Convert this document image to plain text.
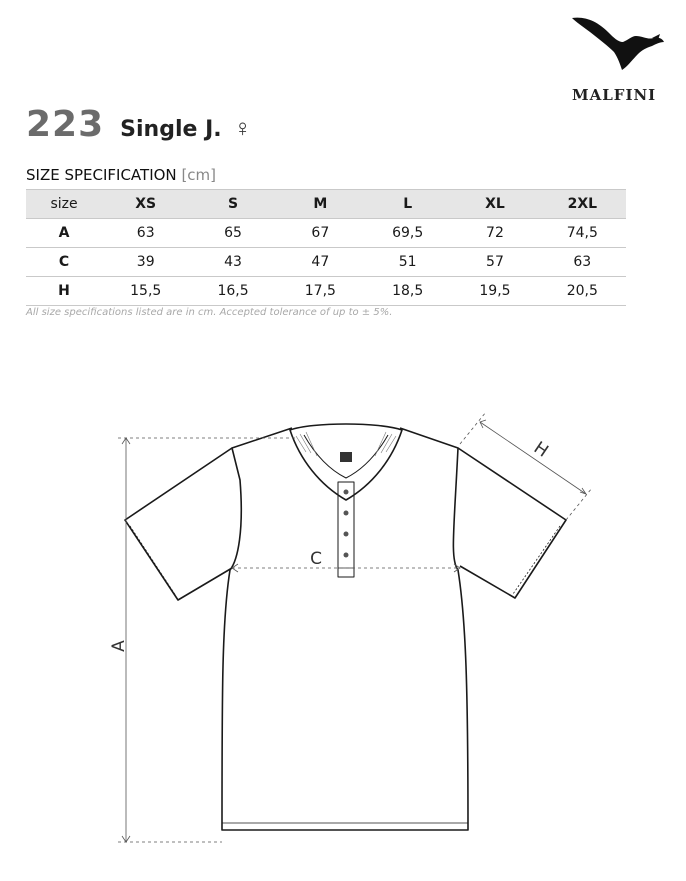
MALFINI
223 Single J. ♀
SIZE SPECIFICATION [cm]
size	XS	S	M	L	XL	2XL
A	63	65	67	69,5	72	74,5
C	39	43	47	51	57	63
H	15,5	16,5	17,5	18,5	19,5	20,5
All size specifications listed are in cm. Accepted tolerance of up to ± 5%.
A
C
H
